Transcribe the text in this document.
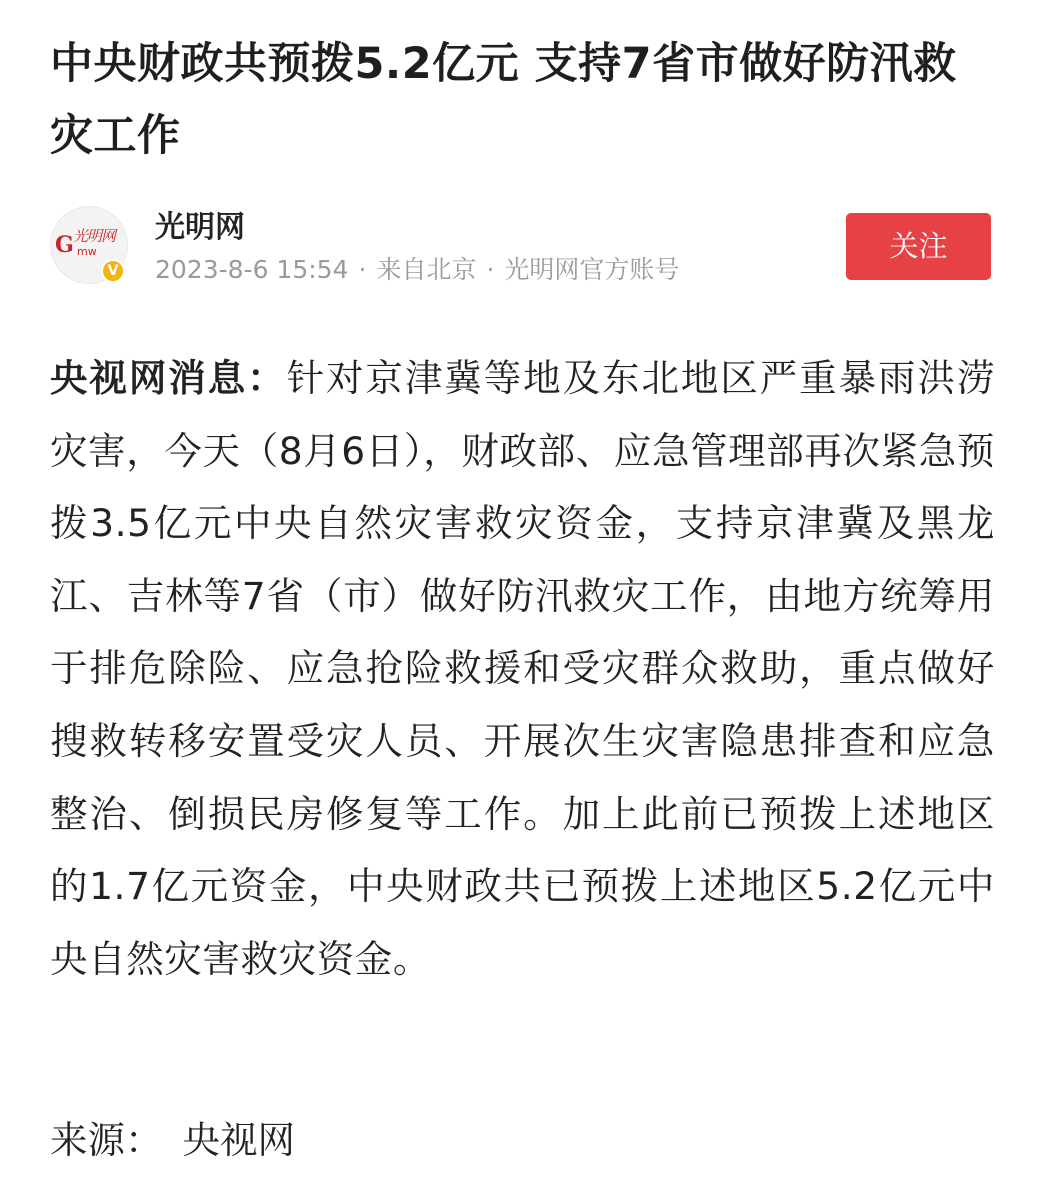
中央财政共预拨5.2亿元 支持7省市做好防汛救灾工作
G 光明网
mw
V
光明网
2023-8-6 15:54 · 来自北京 · 光明网官方账号
关注

央视网消息：针对京津冀等地及东北地区严重暴雨洪涝灾害，今天（8月6日），财政部、应急管理部再次紧急预拨3.5亿元中央自然灾害救灾资金，支持京津冀及黑龙江、吉林等7省（市）做好防汛救灾工作，由地方统筹用于排危除险、应急抢险救援和受灾群众救助，重点做好搜救转移安置受灾人员、开展次生灾害隐患排查和应急整治、倒损民房修复等工作。加上此前已预拨上述地区的1.7亿元资金，中央财政共已预拨上述地区5.2亿元中央自然灾害救灾资金。

来源： 央视网
